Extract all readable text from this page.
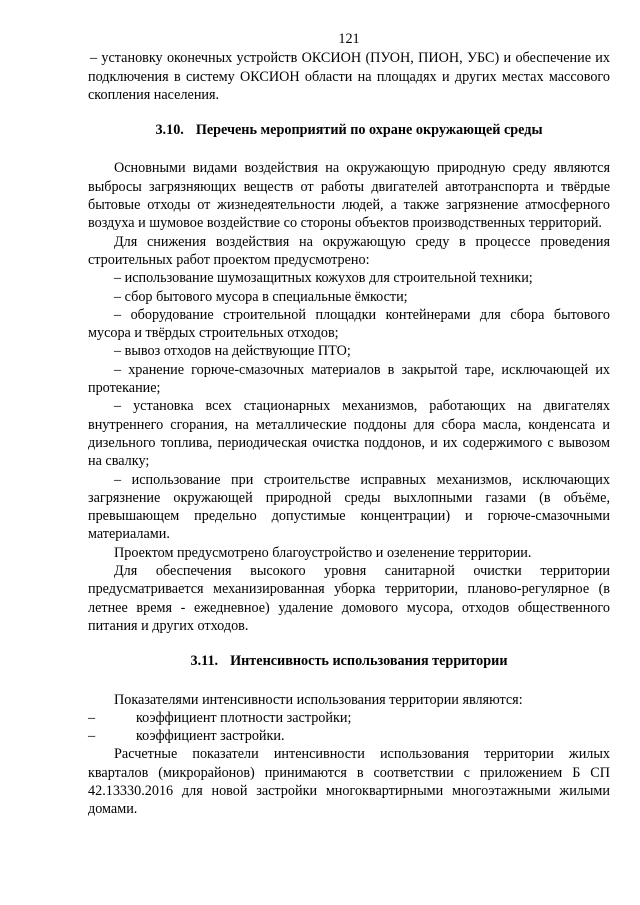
121

– установку оконечных устройств ОКСИОН (ПУОН, ПИОН, УБС) и обеспечение их подключения в систему ОКСИОН области на площадях и других местах массового скопления населения.

3.10. Перечень мероприятий по охране окружающей среды

Основными видами воздействия на окружающую природную среду являются выбросы загрязняющих веществ от работы двигателей автотранспорта и твёрдые бытовые отходы от жизнедеятельности людей, а также загрязнение атмосферного воздуха и шумовое воздействие со стороны объектов производственных территорий.

Для снижения воздействия на окружающую среду в процессе проведения строительных работ проектом предусмотрено:

– использование шумозащитных кожухов для строительной техники;

– сбор бытового мусора в специальные ёмкости;

– оборудование строительной площадки контейнерами для сбора бытового мусора и твёрдых строительных отходов;

– вывоз отходов на действующие ПТО;

– хранение горюче-смазочных материалов в закрытой таре, исключающей их протекание;

– установка всех стационарных механизмов, работающих на двигателях внутреннего сгорания, на металлические поддоны для сбора масла, конденсата и дизельного топлива, периодическая очистка поддонов, и их содержимого с вывозом на свалку;

– использование при строительстве исправных механизмов, исключающих загрязнение окружающей природной среды выхлопными газами (в объёме, превышающем предельно допустимые концентрации) и горюче-смазочными материалами.

Проектом предусмотрено благоустройство и озеленение территории.

Для обеспечения высокого уровня санитарной очистки территории предусматривается механизированная уборка территории, планово-регулярное (в летнее время - ежедневное) удаление домового мусора, отходов общественного питания и других отходов.

3.11. Интенсивность использования территории

Показателями интенсивности использования территории являются:

–	коэффициент плотности застройки;

–	коэффициент застройки.

Расчетные показатели интенсивности использования территории жилых кварталов (микрорайонов) принимаются в соответствии с приложением Б СП 42.13330.2016 для новой застройки многоквартирными многоэтажными жилыми домами.
